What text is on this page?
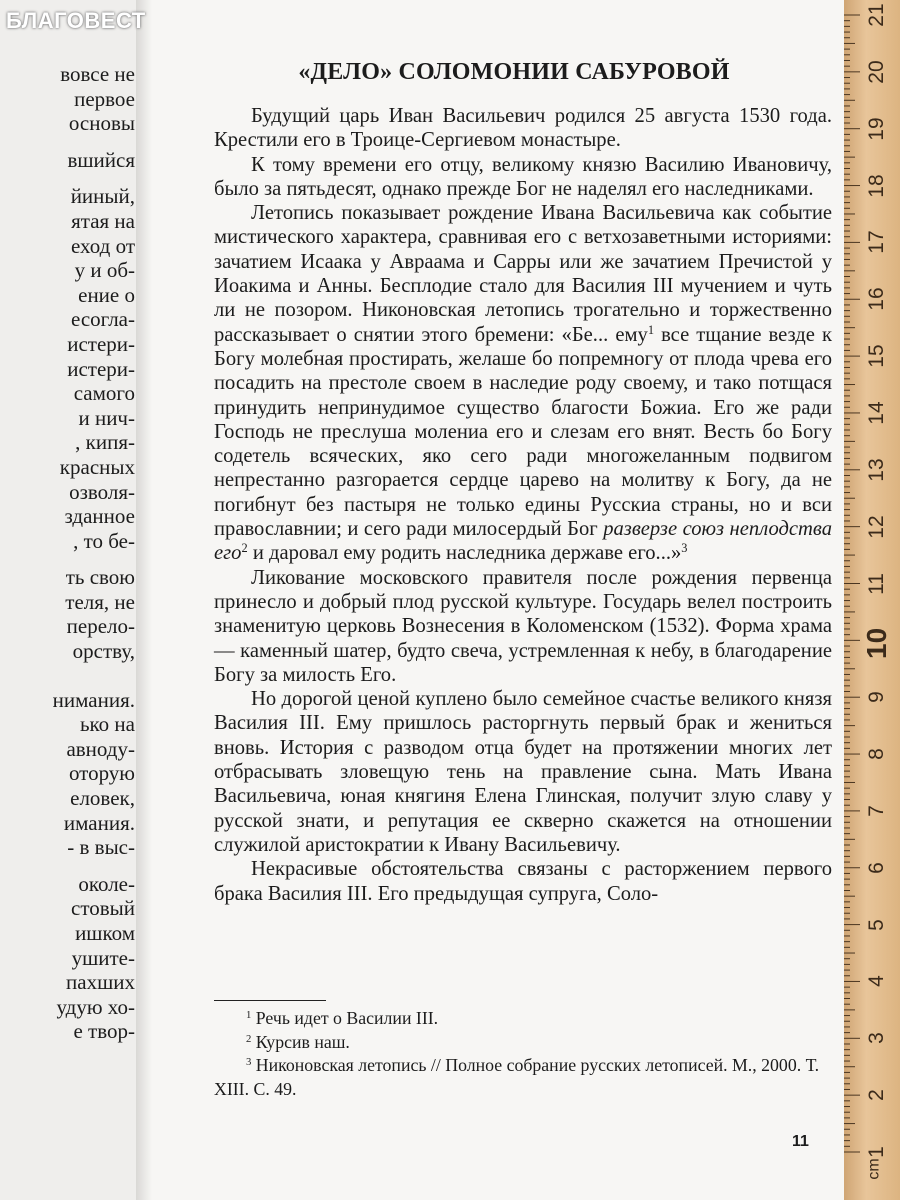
вовсе не
первое
основы
вшийся
йиный,
ятая на
еход от
у и об-
ение о
есогла-
истери-
истери-
самого
и нич-
, кипя-
красных
озволя-
зданное
, то бе-
ть свою
теля, не
перело-
орству,
нимания.
ько на
авноду-
оторую
еловек,
имания.
- в выс-
околе-
стовый
ишком
ушите-
пахших
удую хо-
е твор-
БЛАГОВЕСТ
«ДЕЛО» СОЛОМОНИИ САБУРОВОЙ

Будущий царь Иван Васильевич родился 25 августа 1530 года. Крестили его в Троице-Сергиевом монастыре.

К тому времени его отцу, великому князю Василию Ивановичу, было за пятьдесят, однако прежде Бог не наделял его наследниками.

Летопись показывает рождение Ивана Васильевича как событие мистического характера, сравнивая его с ветхозаветными историями: зачатием Исаака у Авраама и Сарры или же зачатием Пречистой у Иоакима и Анны. Бесплодие стало для Василия III мучением и чуть ли не позором. Никоновская летопись трогательно и торжественно рассказывает о снятии этого бремени: «Бе... ему$^1$ все тщание везде к Богу молебная простирать, желаше бо попремногу от плода чрева его посадить на престоле своем в наследие роду своему, и тако потщася принудить непринудимое существо благости Божиа. Его же ради Господь не преслуша молениа его и слезам его внят. Весть бо Богу содетель всяческих, яко сего ради многожеланным подвигом непрестанно разгорается сердце царево на молитву к Богу, да не погибнут без пастыря не только едины Русскиа страны, но и вси православнии; и сего ради милосердый Бог разверзе союз неплодства его$^2$ и даровал ему родить наследника державе его...»$^3$

Ликование московского правителя после рождения первенца принесло и добрый плод русской культуре. Государь велел построить знаменитую церковь Вознесения в Коломенском (1532). Форма храма — каменный шатер, будто свеча, устремленная к небу, в благодарение Богу за милость Его.

Но дорогой ценой куплено было семейное счастье великого князя Василия III. Ему пришлось расторгнуть первый брак и жениться вновь. История с разводом отца будет на протяжении многих лет отбрасывать зловещую тень на правление сына. Мать Ивана Васильевича, юная княгиня Елена Глинская, получит злую славу у русской знати, и репутация ее скверно скажется на отношении служилой аристократии к Ивану Васильевичу.

Некрасивые обстоятельства связаны с расторжением первого брака Василия III. Его предыдущая супруга, Соло-

$^1$ Речь идет о Василии III.

$^2$ Курсив наш.

$^3$ Никоновская летопись // Полное собрание русских летописей. М., 2000. Т. XIII. С. 49.

11
cm
21
20
19
18
17
16
15
14
13
12
11
10
9
8
7
6
5
4
3
2
1
